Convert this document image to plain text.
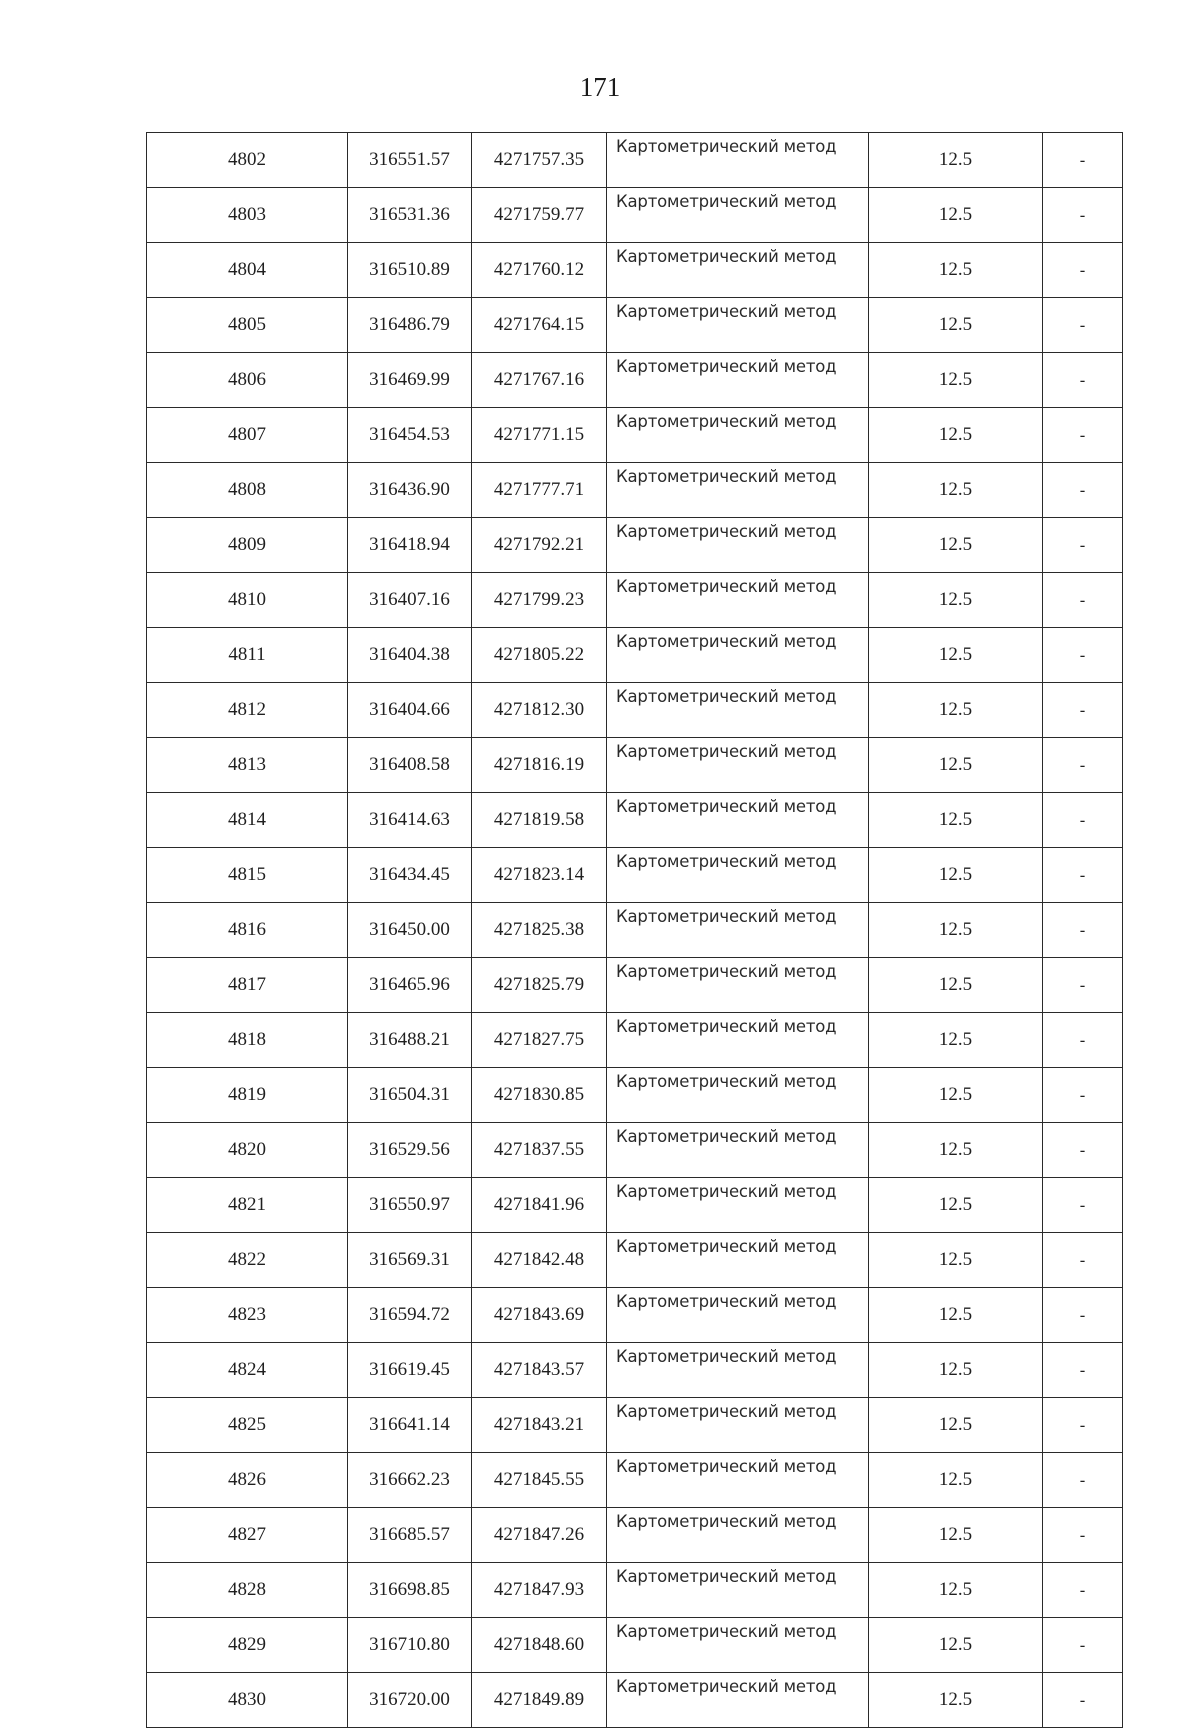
171
4802	316551.57	4271757.35	Картометрический метод	12.5	-
4803	316531.36	4271759.77	Картометрический метод	12.5	-
4804	316510.89	4271760.12	Картометрический метод	12.5	-
4805	316486.79	4271764.15	Картометрический метод	12.5	-
4806	316469.99	4271767.16	Картометрический метод	12.5	-
4807	316454.53	4271771.15	Картометрический метод	12.5	-
4808	316436.90	4271777.71	Картометрический метод	12.5	-
4809	316418.94	4271792.21	Картометрический метод	12.5	-
4810	316407.16	4271799.23	Картометрический метод	12.5	-
4811	316404.38	4271805.22	Картометрический метод	12.5	-
4812	316404.66	4271812.30	Картометрический метод	12.5	-
4813	316408.58	4271816.19	Картометрический метод	12.5	-
4814	316414.63	4271819.58	Картометрический метод	12.5	-
4815	316434.45	4271823.14	Картометрический метод	12.5	-
4816	316450.00	4271825.38	Картометрический метод	12.5	-
4817	316465.96	4271825.79	Картометрический метод	12.5	-
4818	316488.21	4271827.75	Картометрический метод	12.5	-
4819	316504.31	4271830.85	Картометрический метод	12.5	-
4820	316529.56	4271837.55	Картометрический метод	12.5	-
4821	316550.97	4271841.96	Картометрический метод	12.5	-
4822	316569.31	4271842.48	Картометрический метод	12.5	-
4823	316594.72	4271843.69	Картометрический метод	12.5	-
4824	316619.45	4271843.57	Картометрический метод	12.5	-
4825	316641.14	4271843.21	Картометрический метод	12.5	-
4826	316662.23	4271845.55	Картометрический метод	12.5	-
4827	316685.57	4271847.26	Картометрический метод	12.5	-
4828	316698.85	4271847.93	Картометрический метод	12.5	-
4829	316710.80	4271848.60	Картометрический метод	12.5	-
4830	316720.00	4271849.89	Картометрический метод	12.5	-
